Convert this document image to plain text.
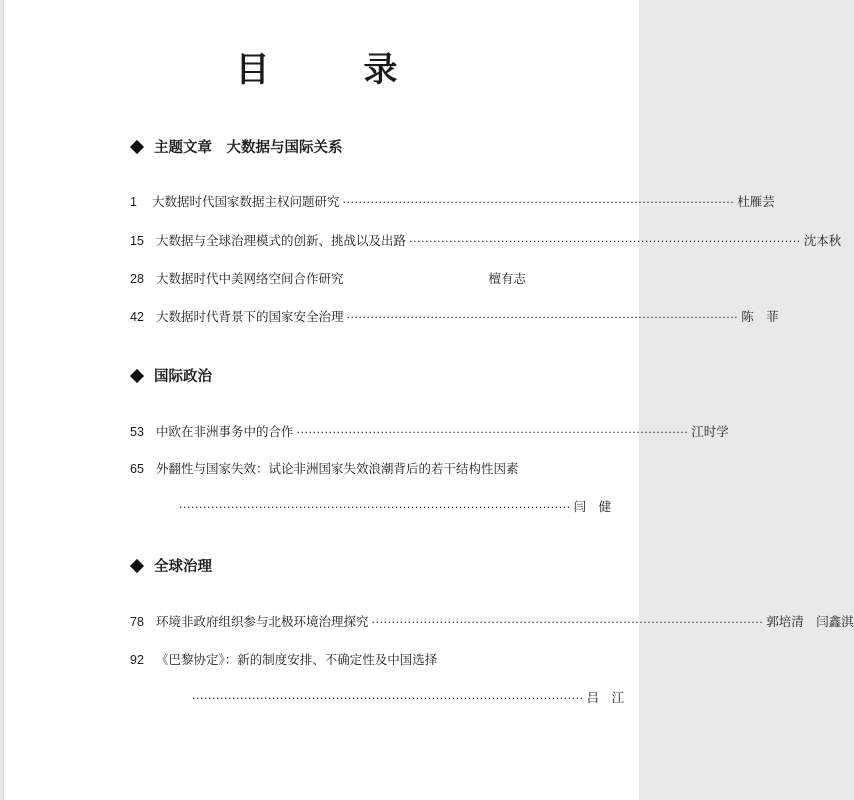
目　录
主题文章　大数据与国际关系
1	大数据时代国家数据主权问题研究 ·································································································· 杜雁芸
15 大数据与全球治理模式的创新、挑战以及出路 ·································································································· 沈本秋
28 大数据时代中美网络空间合作研究	檀有志
42 大数据时代背景下的国家安全治理 ·································································································· 陈　菲
国际政治
53 中欧在非洲事务中的合作 ·································································································· 江时学
65 外翻性与国家失效：试论非洲国家失效浪潮背后的若干结构性因素
·································································································· 闫　健
全球治理
78 环境非政府组织参与北极环境治理探究 ·································································································· 郭培清　闫鑫淇
92 《巴黎协定》：新的制度安排、不确定性及中国选择
·································································································· 吕　江
